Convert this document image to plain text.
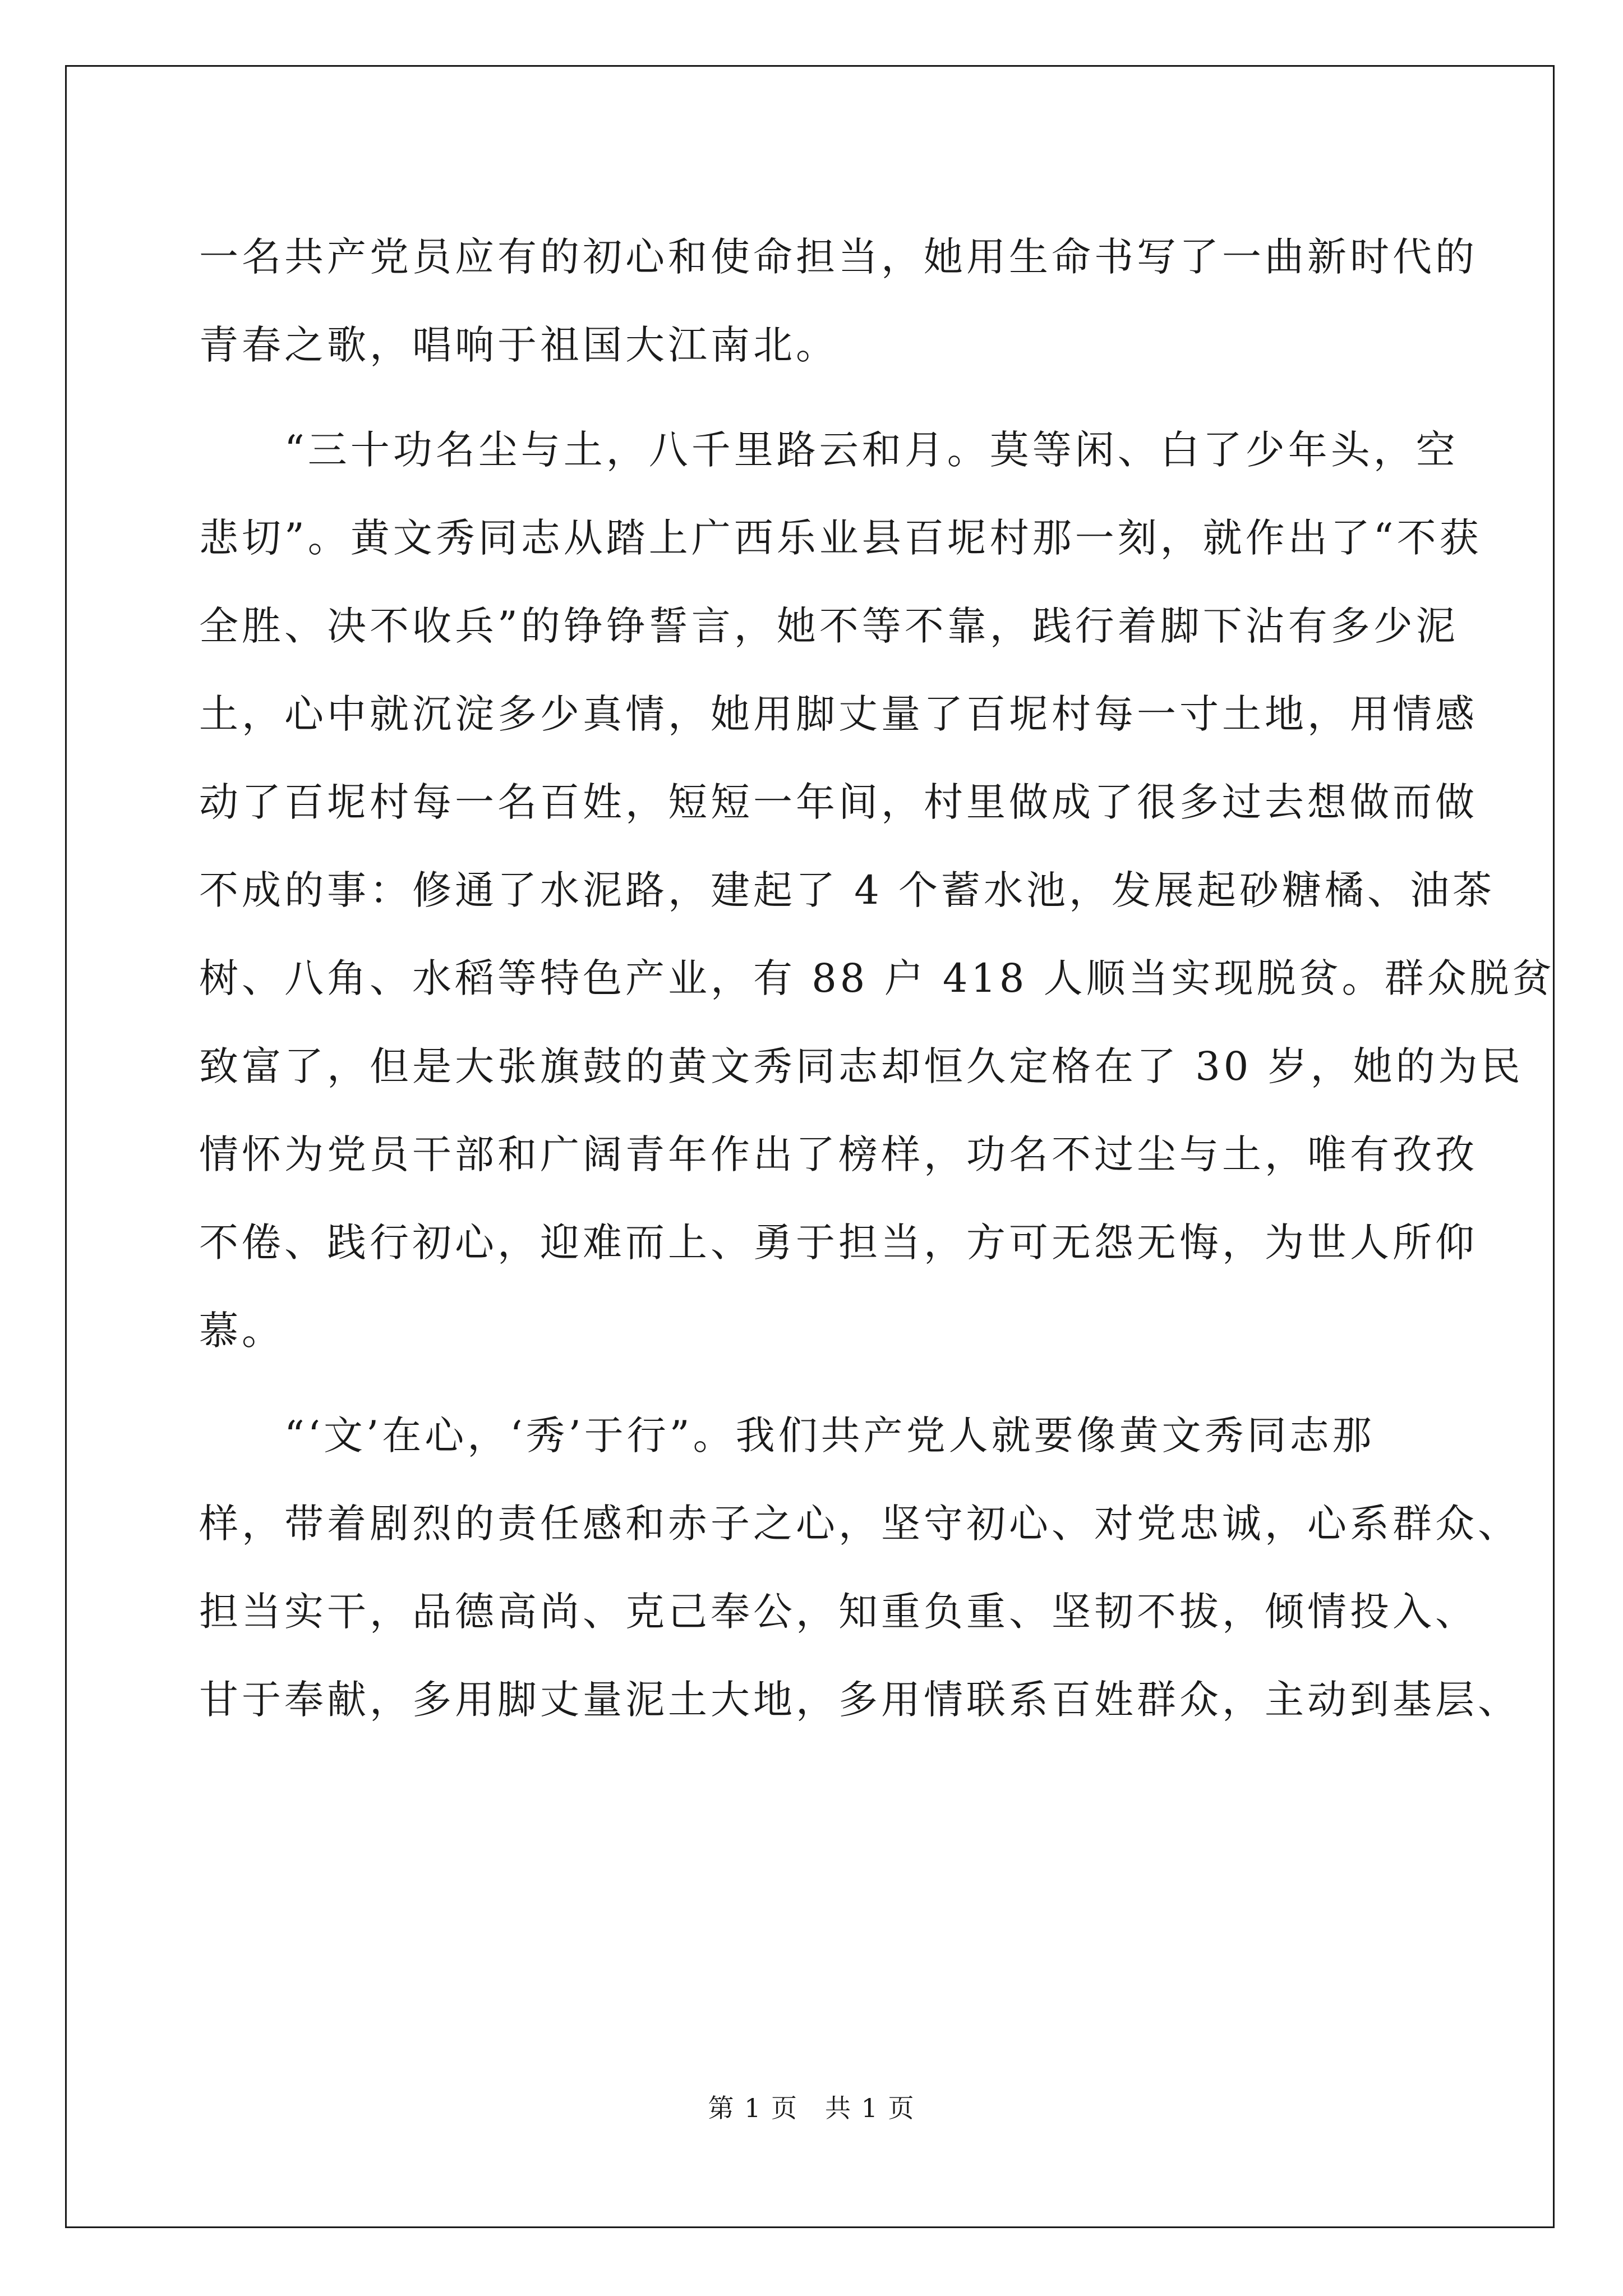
一名共产党员应有的初心和使命担当，她用生命书写了一曲新时代的
青春之歌，唱响于祖国大江南北。
　　“三十功名尘与土，八千里路云和月。莫等闲、白了少年头，空
悲切”。黄文秀同志从踏上广西乐业县百坭村那一刻，就作出了“不获
全胜、决不收兵”的铮铮誓言，她不等不靠，践行着脚下沾有多少泥
土，心中就沉淀多少真情，她用脚丈量了百坭村每一寸土地，用情感
动了百坭村每一名百姓，短短一年间，村里做成了很多过去想做而做
不成的事：修通了水泥路，建起了 4 个蓄水池，发展起砂糖橘、油茶
树、八角、水稻等特色产业，有 88 户 418 人顺当实现脱贫。群众脱贫
致富了，但是大张旗鼓的黄文秀同志却恒久定格在了 30 岁，她的为民
情怀为党员干部和广阔青年作出了榜样，功名不过尘与土，唯有孜孜
不倦、践行初心，迎难而上、勇于担当，方可无怨无悔，为世人所仰
慕。
　　“‘文’在心，‘秀’于行”。我们共产党人就要像黄文秀同志那
样，带着剧烈的责任感和赤子之心，坚守初心、对党忠诚，心系群众、
担当实干，品德高尚、克己奉公，知重负重、坚韧不拔，倾情投入、
甘于奉献，多用脚丈量泥土大地，多用情联系百姓群众，主动到基层、
第 1 页　共 1 页
